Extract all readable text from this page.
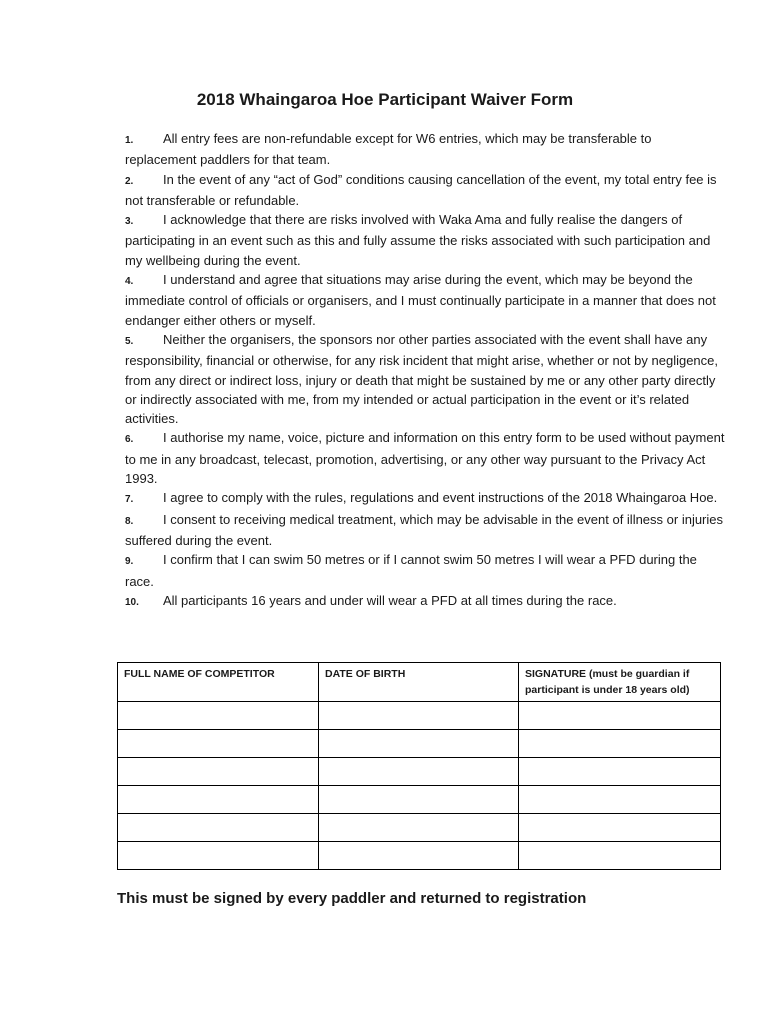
2018 Whaingaroa Hoe Participant Waiver Form
1. All entry fees are non-refundable except for W6 entries, which may be transferable to replacement paddlers for that team.
2. In the event of any “act of God” conditions causing cancellation of the event, my total entry fee is not transferable or refundable.
3. I acknowledge that there are risks involved with Waka Ama and fully realise the dangers of participating in an event such as this and fully assume the risks associated with such participation and my wellbeing during the event.
4. I understand and agree that situations may arise during the event, which may be beyond the immediate control of officials or organisers, and I must continually participate in a manner that does not endanger either others or myself.
5. Neither the organisers, the sponsors nor other parties associated with the event shall have any responsibility, financial or otherwise, for any risk incident that might arise, whether or not by negligence, from any direct or indirect loss, injury or death that might be sustained by me or any other party directly or indirectly associated with me, from my intended or actual participation in the event or it’s related activities.
6. I authorise my name, voice, picture and information on this entry form to be used without payment to me in any broadcast, telecast, promotion, advertising, or any other way pursuant to the Privacy Act 1993.
7. I agree to comply with the rules, regulations and event instructions of the 2018 Whaingaroa Hoe.
8. I consent to receiving medical treatment, which may be advisable in the event of illness or injuries suffered during the event.
9. I confirm that I can swim 50 metres or if I cannot swim 50 metres I will wear a PFD during the race.
10. All participants 16 years and under will wear a PFD at all times during the race.
FULL NAME OF COMPETITOR	DATE OF BIRTH	SIGNATURE (must be guardian if participant is under 18 years old)

This must be signed by every paddler and returned to registration
